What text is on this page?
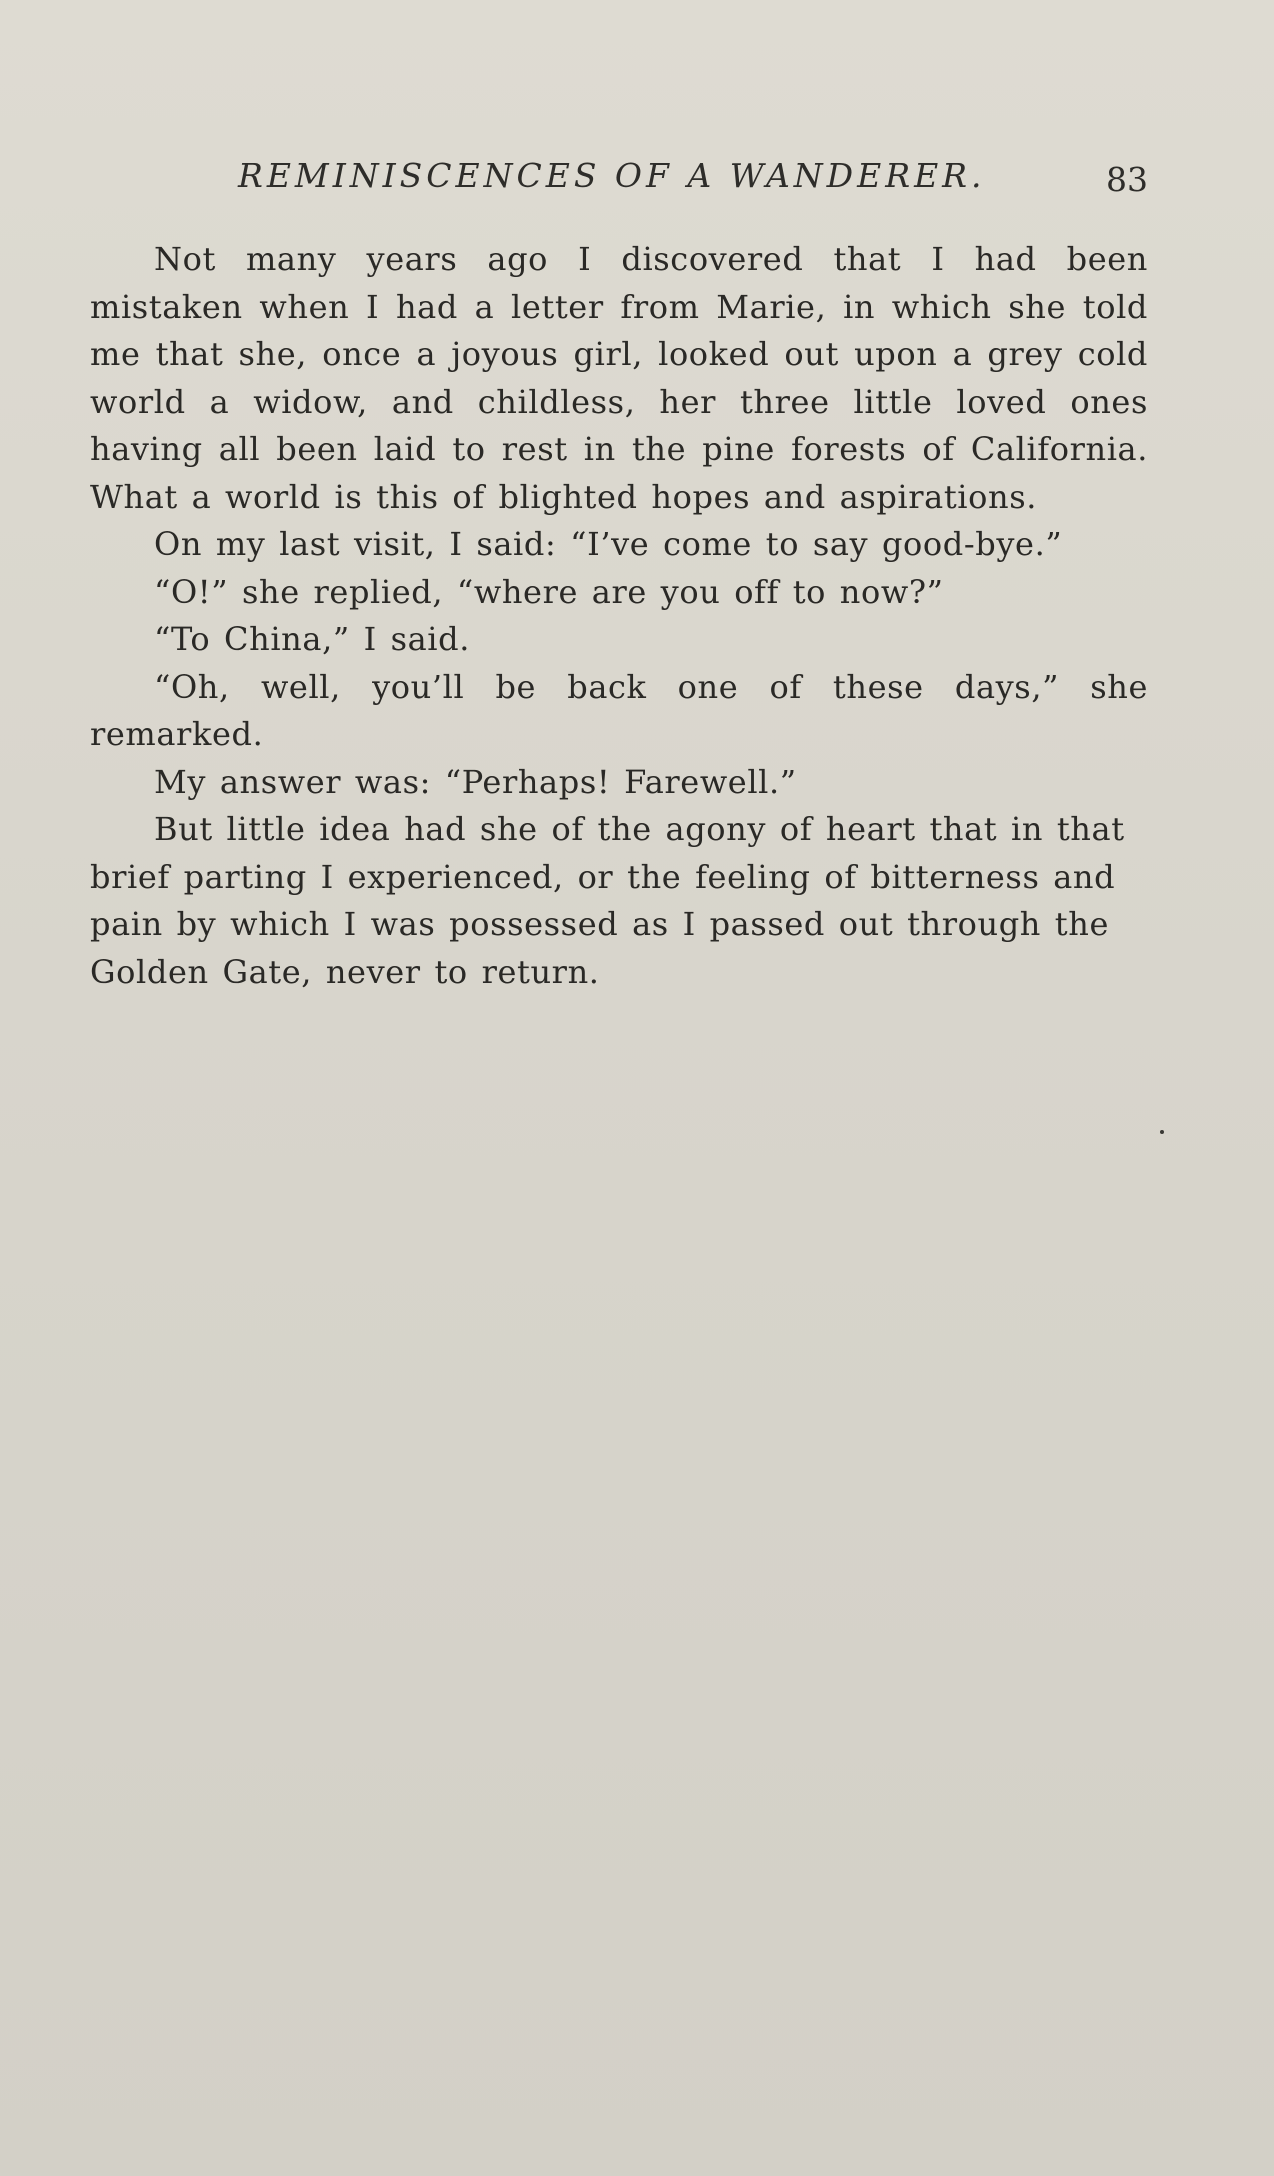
REMINISCENCES OF A WANDERER.	83

Not many years ago I discovered that I had been mistaken when I had a letter from Marie, in which she told me that she, once a joyous girl, looked out upon a grey cold world a widow, and childless, her three little loved ones having all been laid to rest in the pine forests of California. What a world is this of blighted hopes and aspirations.

On my last visit, I said: “I’ve come to say good-bye.”

“O!” she replied, “where are you off to now?”

“To China,” I said.

“Oh, well, you’ll be back one of these days,” she remarked.

My answer was: “Perhaps! Farewell.”

But little idea had she of the agony of heart that in that brief parting I experienced, or the feeling of bitterness and pain by which I was possessed as I passed out through the Golden Gate, never to return.
